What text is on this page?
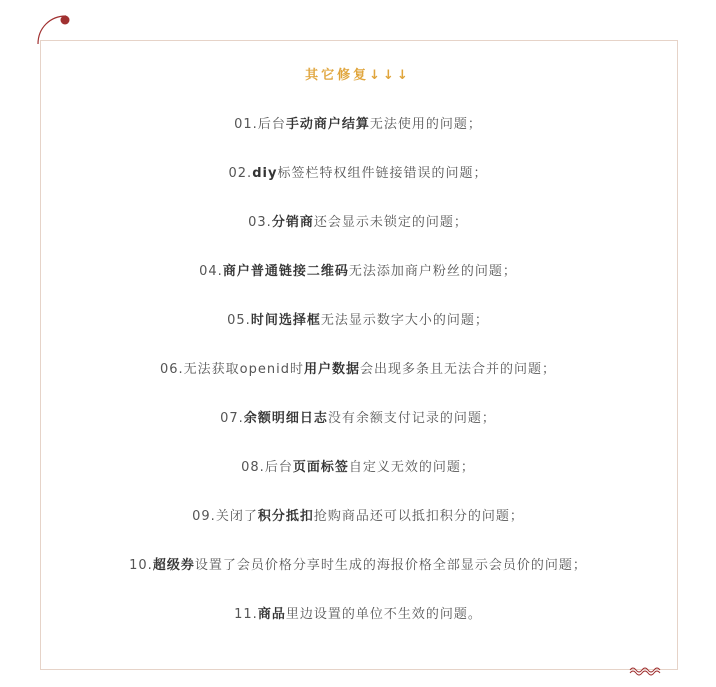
其它修复↓↓↓
01.后台手动商户结算无法使用的问题；
02.diy标签栏特权组件链接错误的问题；
03.分销商还会显示未锁定的问题；
04.商户普通链接二维码无法添加商户粉丝的问题；
05.时间选择框无法显示数字大小的问题；
06.无法获取openid时用户数据会出现多条且无法合并的问题；
07.余额明细日志没有余额支付记录的问题；
08.后台页面标签自定义无效的问题；
09.关闭了积分抵扣抢购商品还可以抵扣积分的问题；
10.超级券设置了会员价格分享时生成的海报价格全部显示会员价的问题；
11.商品里边设置的单位不生效的问题。
